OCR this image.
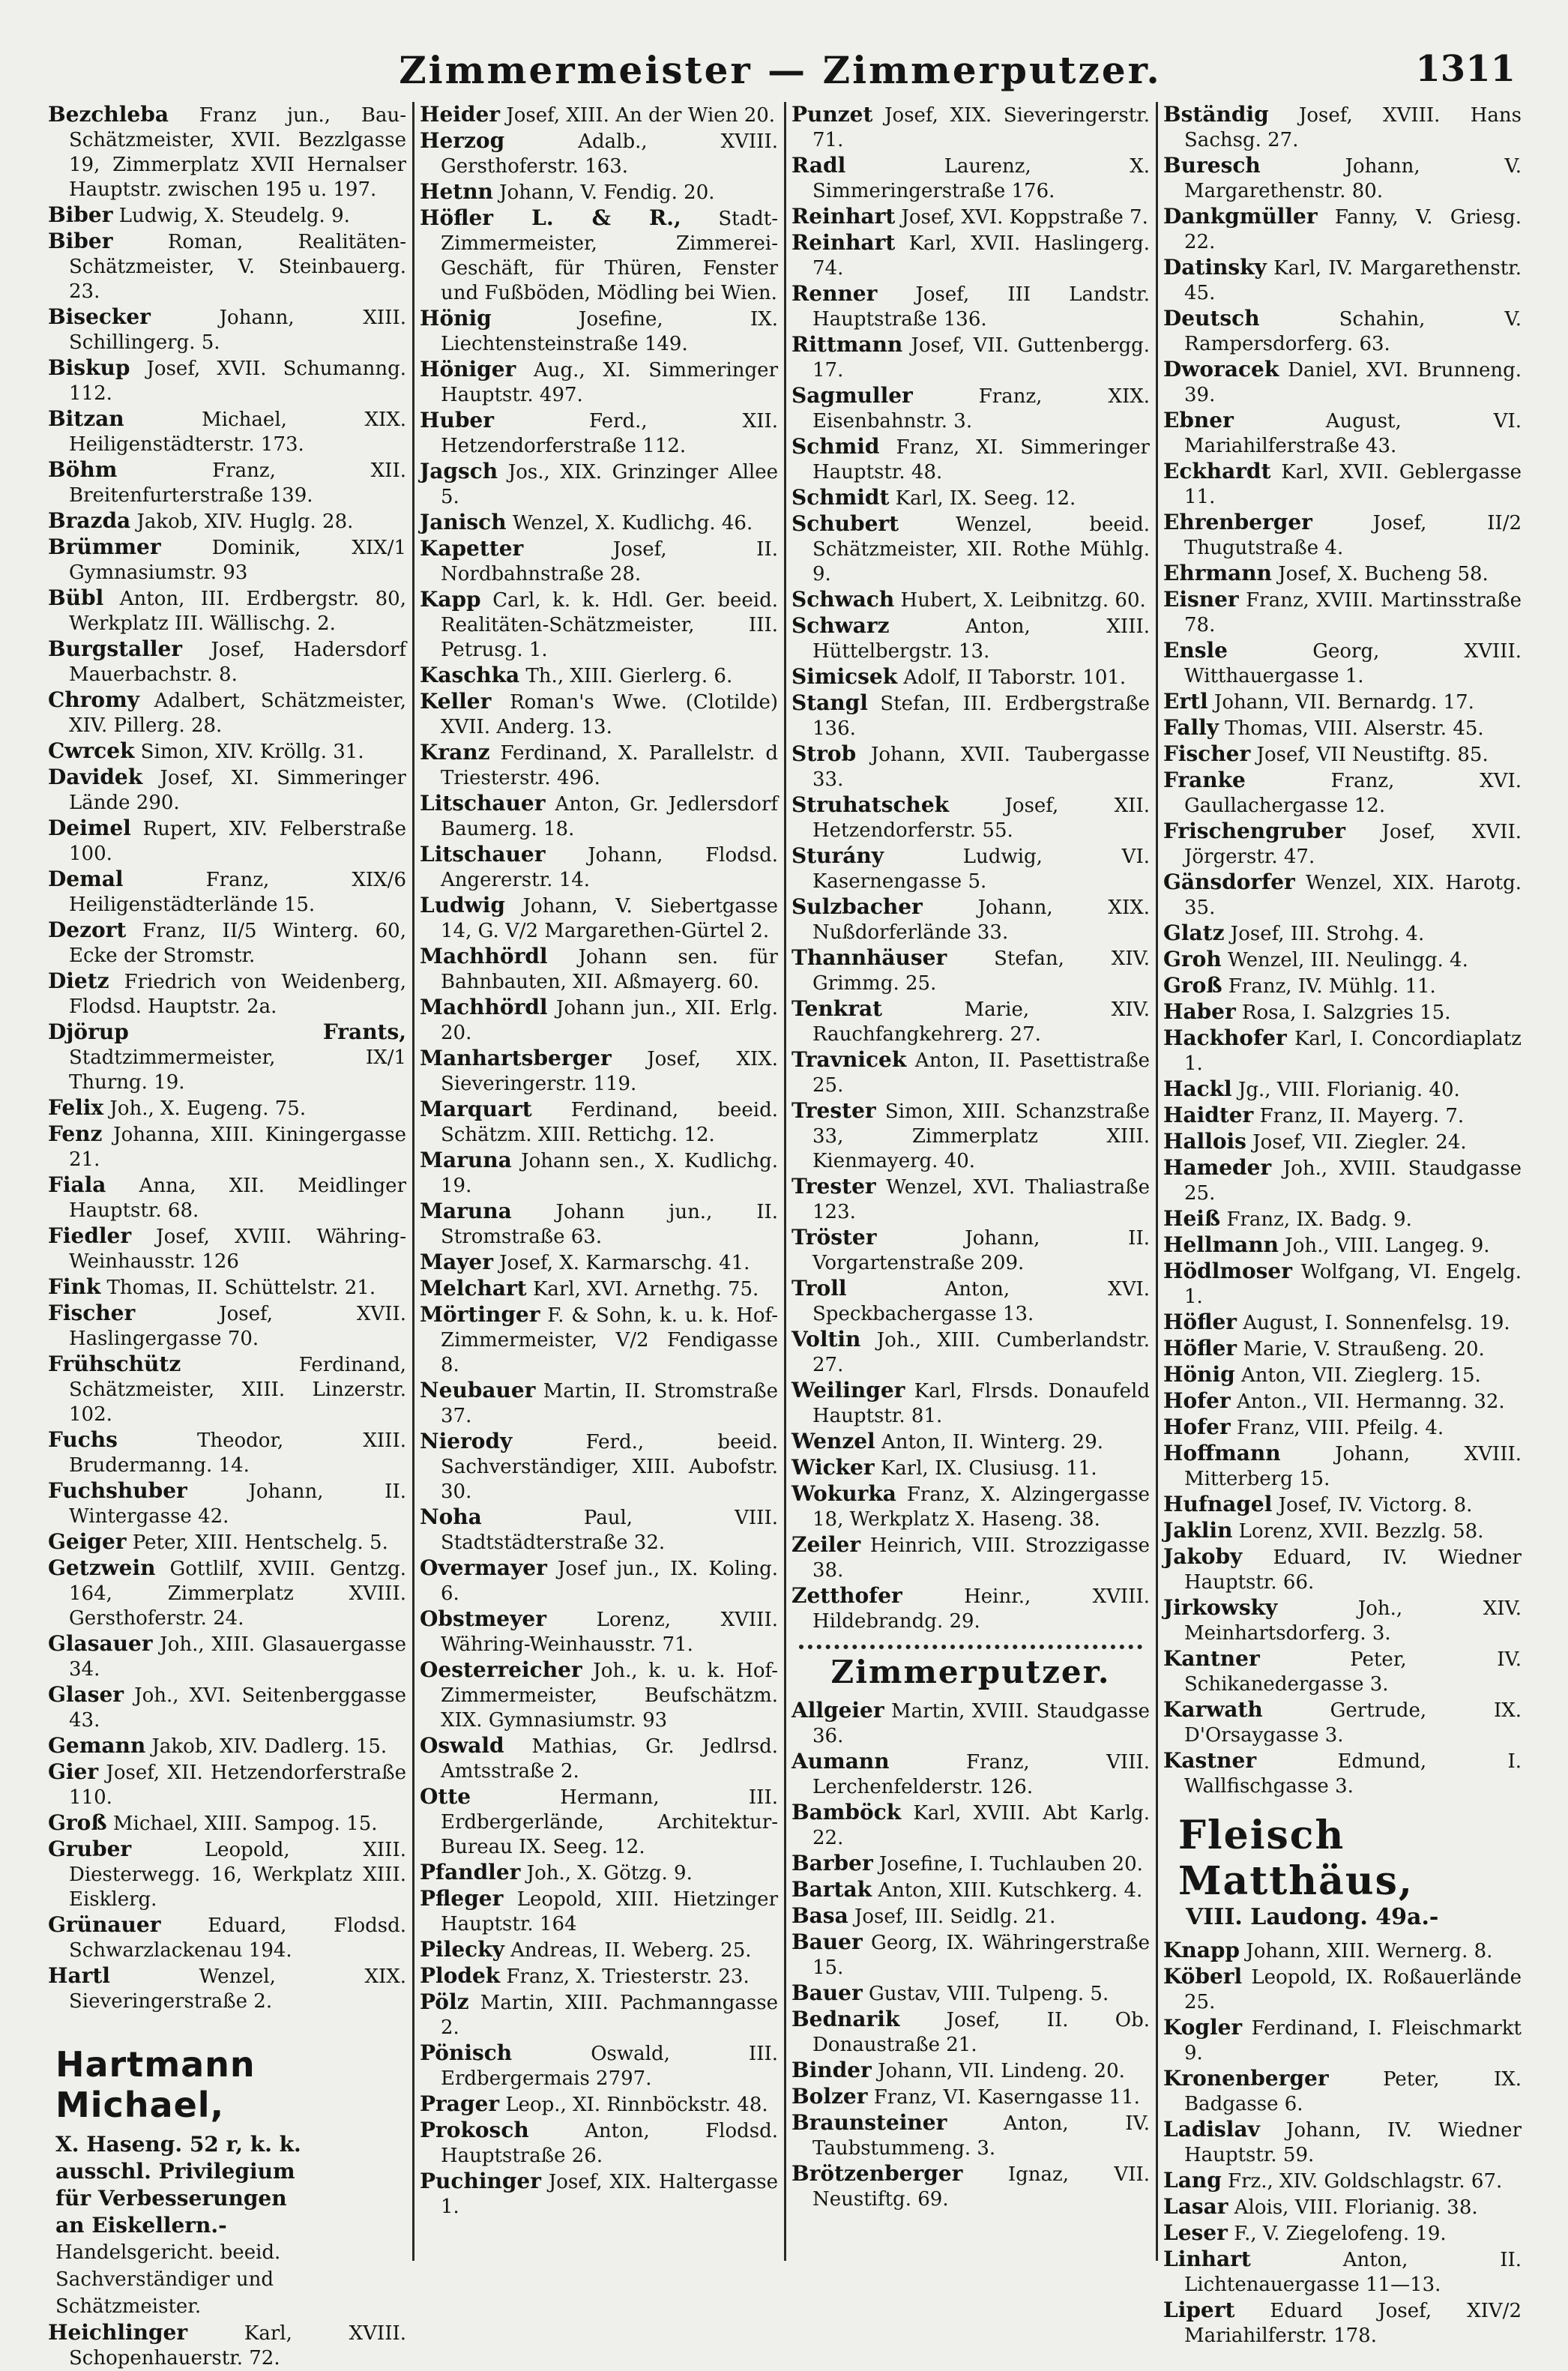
Zimmermeister — Zimmerputzer.	1311
Bezchleba Franz jun., Bau-Schätzmeister, XVII. Bezzlgasse 19, Zimmerplatz XVII Hernalser Hauptstr. zwischen 195 u. 197.
Biber Ludwig, X. Steudelg. 9.
Biber Roman, Realitäten-Schätzmeister, V. Steinbauerg. 23.
Bisecker Johann, XIII. Schillingerg. 5.
Biskup Josef, XVII. Schumanng. 112.
Bitzan Michael, XIX. Heiligenstädterstr. 173.
Böhm Franz, XII. Breitenfurterstraße 139.
Brazda Jakob, XIV. Huglg. 28.
Brümmer Dominik, XIX/1 Gymnasiumstr. 93
Bübl Anton, III. Erdbergstr. 80, Werkplatz III. Wällischg. 2.
Burgstaller Josef, Hadersdorf Mauerbachstr. 8.
Chromy Adalbert, Schätzmeister, XIV. Pillerg. 28.
Cwrcek Simon, XIV. Kröllg. 31.
Davidek Josef, XI. Simmeringer Lände 290.
Deimel Rupert, XIV. Felberstraße 100.
Demal Franz, XIX/6 Heiligenstädterlände 15.
Dezort Franz, II/5 Winterg. 60, Ecke der Stromstr.
Dietz Friedrich von Weidenberg, Flodsd. Hauptstr. 2a.
Djörup Frants, Stadtzimmermeister, IX/1 Thurng. 19.
Felix Joh., X. Eugeng. 75.
Fenz Johanna, XIII. Kiningergasse 21.
Fiala Anna, XII. Meidlinger Hauptstr. 68.
Fiedler Josef, XVIII. Währing-Weinhausstr. 126
Fink Thomas, II. Schüttelstr. 21.
Fischer Josef, XVII. Haslingergasse 70.
Frühschütz Ferdinand, Schätzmeister, XIII. Linzerstr. 102.
Fuchs Theodor, XIII. Brudermanng. 14.
Fuchshuber Johann, II. Wintergasse 42.
Geiger Peter, XIII. Hentschelg. 5.
Getzwein Gottlilf, XVIII. Gentzg. 164, Zimmerplatz XVIII. Gersthoferstr. 24.
Glasauer Joh., XIII. Glasauergasse 34.
Glaser Joh., XVI. Seitenberggasse 43.
Gemann Jakob, XIV. Dadlerg. 15.
Gier Josef, XII. Hetzendorferstraße 110.
Groß Michael, XIII. Sampog. 15.
Gruber Leopold, XIII. Diesterwegg. 16, Werkplatz XIII. Eisklerg.
Grünauer Eduard, Flodsd. Schwarzlackenau 194.
Hartl Wenzel, XIX. Sieveringerstraße 2.
Hartmann Michael,
X. Haseng. 52 r, k. k.
ausschl. Privilegium
für Verbesserungen
an Eiskellern.-
Handelsgericht. beeid. Sachverständiger und Schätzmeister.
Heichlinger Karl, XVIII. Schopenhauerstr. 72.
Heider Josef, XIII. An der Wien 20.
Herzog Adalb., XVIII. Gersthoferstr. 163.
Hetnn Johann, V. Fendig. 20.
Höfler L. & R., Stadt-Zimmermeister, Zimmerei-Geschäft, für Thüren, Fenster und Fußböden, Mödling bei Wien.
Hönig Josefine, IX. Liechtensteinstraße 149.
Höniger Aug., XI. Simmeringer Hauptstr. 497.
Huber Ferd., XII. Hetzendorferstraße 112.
Jagsch Jos., XIX. Grinzinger Allee 5.
Janisch Wenzel, X. Kudlichg. 46.
Kapetter Josef, II. Nordbahnstraße 28.
Kapp Carl, k. k. Hdl. Ger. beeid. Realitäten-Schätzmeister, III. Petrusg. 1.
Kaschka Th., XIII. Gierlerg. 6.
Keller Roman's Wwe. (Clotilde) XVII. Anderg. 13.
Kranz Ferdinand, X. Parallelstr. d Triesterstr. 496.
Litschauer Anton, Gr. Jedlersdorf Baumerg. 18.
Litschauer Johann, Flodsd. Angererstr. 14.
Ludwig Johann, V. Siebertgasse 14, G. V/2 Margarethen-Gürtel 2.
Machhördl Johann sen. für Bahnbauten, XII. Aßmayerg. 60.
Machhördl Johann jun., XII. Erlg. 20.
Manhartsberger Josef, XIX. Sieveringerstr. 119.
Marquart Ferdinand, beeid. Schätzm. XIII. Rettichg. 12.
Maruna Johann sen., X. Kudlichg. 19.
Maruna Johann jun., II. Stromstraße 63.
Mayer Josef, X. Karmarschg. 41.
Melchart Karl, XVI. Arnethg. 75.
Mörtinger F. & Sohn, k. u. k. Hof-Zimmermeister, V/2 Fendigasse 8.
Neubauer Martin, II. Stromstraße 37.
Nierody Ferd., beeid. Sachverständiger, XIII. Aubofstr. 30.
Noha Paul, VIII. Stadtstädterstraße 32.
Overmayer Josef jun., IX. Koling. 6.
Obstmeyer Lorenz, XVIII. Währing-Weinhausstr. 71.
Oesterreicher Joh., k. u. k. Hof-Zimmermeister, Beufschätzm. XIX. Gymnasiumstr. 93
Oswald Mathias, Gr. Jedlrsd. Amtsstraße 2.
Otte Hermann, III. Erdbergerlände, Architektur-Bureau IX. Seeg. 12.
Pfandler Joh., X. Götzg. 9.
Pfleger Leopold, XIII. Hietzinger Hauptstr. 164
Pilecky Andreas, II. Weberg. 25.
Plodek Franz, X. Triesterstr. 23.
Pölz Martin, XIII. Pachmanngasse 2.
Pönisch Oswald, III. Erdbergermais 2797.
Prager Leop., XI. Rinnböckstr. 48.
Prokosch Anton, Flodsd. Hauptstraße 26.
Puchinger Josef, XIX. Haltergasse 1.
Punzet Josef, XIX. Sieveringerstr. 71.
Radl Laurenz, X. Simmeringerstraße 176.
Reinhart Josef, XVI. Koppstraße 7.
Reinhart Karl, XVII. Haslingerg. 74.
Renner Josef, III Landstr. Hauptstraße 136.
Rittmann Josef, VII. Guttenbergg. 17.
Sagmuller Franz, XIX. Eisenbahnstr. 3.
Schmid Franz, XI. Simmeringer Hauptstr. 48.
Schmidt Karl, IX. Seeg. 12.
Schubert Wenzel, beeid. Schätzmeister, XII. Rothe Mühlg. 9.
Schwach Hubert, X. Leibnitzg. 60.
Schwarz Anton, XIII. Hüttelbergstr. 13.
Simicsek Adolf, II Taborstr. 101.
Stangl Stefan, III. Erdbergstraße 136.
Strob Johann, XVII. Taubergasse 33.
Struhatschek Josef, XII. Hetzendorferstr. 55.
Sturány Ludwig, VI. Kasernengasse 5.
Sulzbacher Johann, XIX. Nußdorferlände 33.
Thannhäuser Stefan, XIV. Grimmg. 25.
Tenkrat Marie, XIV. Rauchfangkehrerg. 27.
Travnicek Anton, II. Pasettistraße 25.
Trester Simon, XIII. Schanzstraße 33, Zimmerplatz XIII. Kienmayerg. 40.
Trester Wenzel, XVI. Thaliastraße 123.
Tröster Johann, II. Vorgartenstraße 209.
Troll Anton, XVI. Speckbachergasse 13.
Voltin Joh., XIII. Cumberlandstr. 27.
Weilinger Karl, Flrsds. Donaufeld Hauptstr. 81.
Wenzel Anton, II. Winterg. 29.
Wicker Karl, IX. Clusiusg. 11.
Wokurka Franz, X. Alzingergasse 18, Werkplatz X. Haseng. 38.
Zeiler Heinrich, VIII. Strozzigasse 38.
Zetthofer Heinr., XVIII. Hildebrandg. 29.
Zimmerputzer.
Allgeier Martin, XVIII. Staudgasse 36.
Aumann Franz, VIII. Lerchenfelderstr. 126.
Bamböck Karl, XVIII. Abt Karlg. 22.
Barber Josefine, I. Tuchlauben 20.
Bartak Anton, XIII. Kutschkerg. 4.
Basa Josef, III. Seidlg. 21.
Bauer Georg, IX. Währingerstraße 15.
Bauer Gustav, VIII. Tulpeng. 5.
Bednarik Josef, II. Ob. Donaustraße 21.
Binder Johann, VII. Lindeng. 20.
Bolzer Franz, VI. Kaserngasse 11.
Braunsteiner Anton, IV. Taubstummeng. 3.
Brötzenberger Ignaz, VII. Neustiftg. 69.
Bständig Josef, XVIII. Hans Sachsg. 27.
Buresch Johann, V. Margarethenstr. 80.
Dankgmüller Fanny, V. Griesg. 22.
Datinsky Karl, IV. Margarethenstr. 45.
Deutsch Schahin, V. Rampersdorferg. 63.
Dworacek Daniel, XVI. Brunneng. 39.
Ebner August, VI. Mariahilferstraße 43.
Eckhardt Karl, XVII. Geblergasse 11.
Ehrenberger Josef, II/2 Thugutstraße 4.
Ehrmann Josef, X. Bucheng 58.
Eisner Franz, XVIII. Martinsstraße 78.
Ensle Georg, XVIII. Witthauergasse 1.
Ertl Johann, VII. Bernardg. 17.
Fally Thomas, VIII. Alserstr. 45.
Fischer Josef, VII Neustiftg. 85.
Franke Franz, XVI. Gaullachergasse 12.
Frischengruber Josef, XVII. Jörgerstr. 47.
Gänsdorfer Wenzel, XIX. Harotg. 35.
Glatz Josef, III. Strohg. 4.
Groh Wenzel, III. Neulingg. 4.
Groß Franz, IV. Mühlg. 11.
Haber Rosa, I. Salzgries 15.
Hackhofer Karl, I. Concordiaplatz 1.
Hackl Jg., VIII. Florianig. 40.
Haidter Franz, II. Mayerg. 7.
Hallois Josef, VII. Ziegler. 24.
Hameder Joh., XVIII. Staudgasse 25.
Heiß Franz, IX. Badg. 9.
Hellmann Joh., VIII. Langeg. 9.
Hödlmoser Wolfgang, VI. Engelg. 1.
Höfler August, I. Sonnenfelsg. 19.
Höfler Marie, V. Straußeng. 20.
Hönig Anton, VII. Zieglerg. 15.
Hofer Anton., VII. Hermanng. 32.
Hofer Franz, VIII. Pfeilg. 4.
Hoffmann Johann, XVIII. Mitterberg 15.
Hufnagel Josef, IV. Victorg. 8.
Jaklin Lorenz, XVII. Bezzlg. 58.
Jakoby Eduard, IV. Wiedner Hauptstr. 66.
Jirkowsky Joh., XIV. Meinhartsdorferg. 3.
Kantner Peter, IV. Schikanedergasse 3.
Karwath Gertrude, IX. D'Orsaygasse 3.
Kastner Edmund, I. Wallfischgasse 3.
Fleisch Matthäus,
VIII. Laudong. 49a.-
Knapp Johann, XIII. Wernerg. 8.
Köberl Leopold, IX. Roßauerlände 25.
Kogler Ferdinand, I. Fleischmarkt 9.
Kronenberger Peter, IX. Badgasse 6.
Ladislav Johann, IV. Wiedner Hauptstr. 59.
Lang Frz., XIV. Goldschlagstr. 67.
Lasar Alois, VIII. Florianig. 38.
Leser F., V. Ziegelofeng. 19.
Linhart Anton, II. Lichtenauergasse 11—13.
Lipert Eduard Josef, XIV/2 Mariahilferstr. 178.
